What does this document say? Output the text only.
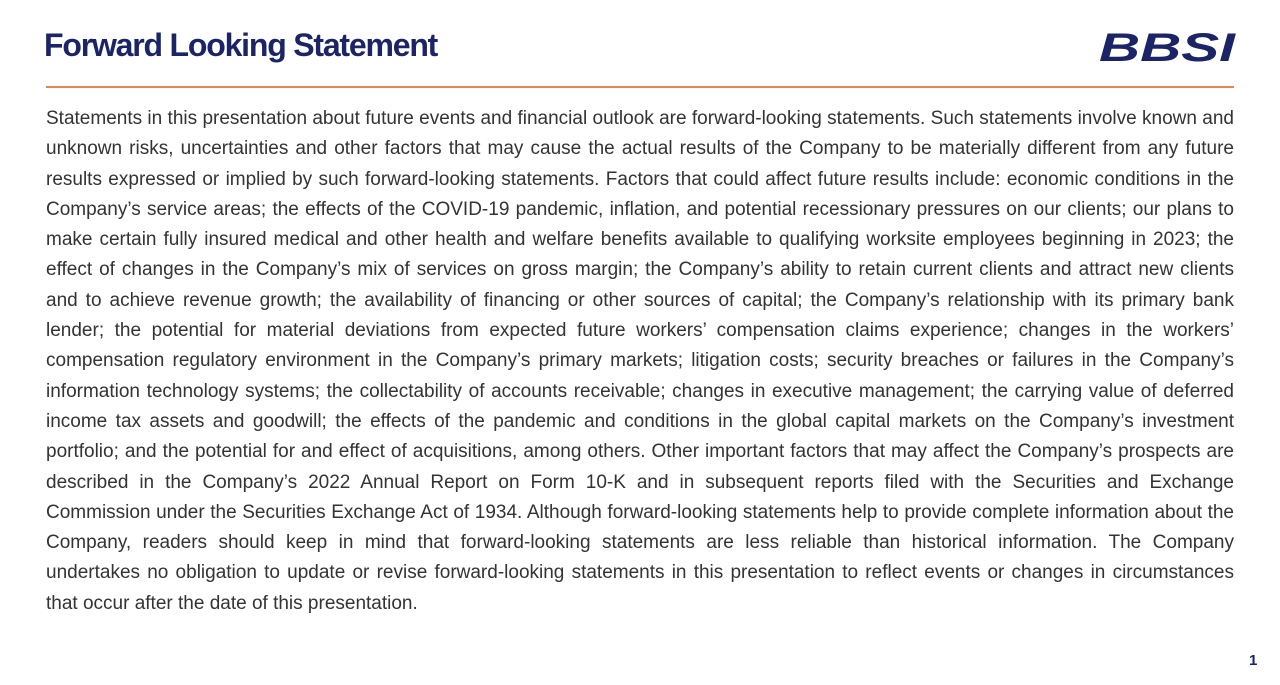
Forward Looking Statement	BBSI

Statements in this presentation about future events and financial outlook are forward-looking statements. Such statements involve known and unknown risks, uncertainties and other factors that may cause the actual results of the Company to be materially different from any future results expressed or implied by such forward-looking statements. Factors that could affect future results include: economic conditions in the Company’s service areas; the effects of the COVID-19 pandemic, inflation, and potential recessionary pressures on our clients; our plans to make certain fully insured medical and other health and welfare benefits available to qualifying worksite employees beginning in 2023; the effect of changes in the Company’s mix of services on gross margin; the Company’s ability to retain current clients and attract new clients and to achieve revenue growth; the availability of financing or other sources of capital; the Company’s relationship with its primary bank lender; the potential for material deviations from expected future workers’ compensation claims experience; changes in the workers’ compensation regulatory environment in the Company’s primary markets; litigation costs; security breaches or failures in the Company’s information technology systems; the collectability of accounts receivable; changes in executive management; the carrying value of deferred income tax assets and goodwill; the effects of the pandemic and conditions in the global capital markets on the Company’s investment portfolio; and the potential for and effect of acquisitions, among others. Other important factors that may affect the Company’s prospects are described in the Company’s 2022 Annual Report on Form 10-K and in subsequent reports filed with the Securities and Exchange Commission under the Securities Exchange Act of 1934. Although forward-looking statements help to provide complete information about the Company, readers should keep in mind that forward-looking statements are less reliable than historical information. The Company undertakes no obligation to update or revise forward-looking statements in this presentation to reflect events or changes in circumstances that occur after the date of this presentation.

1
